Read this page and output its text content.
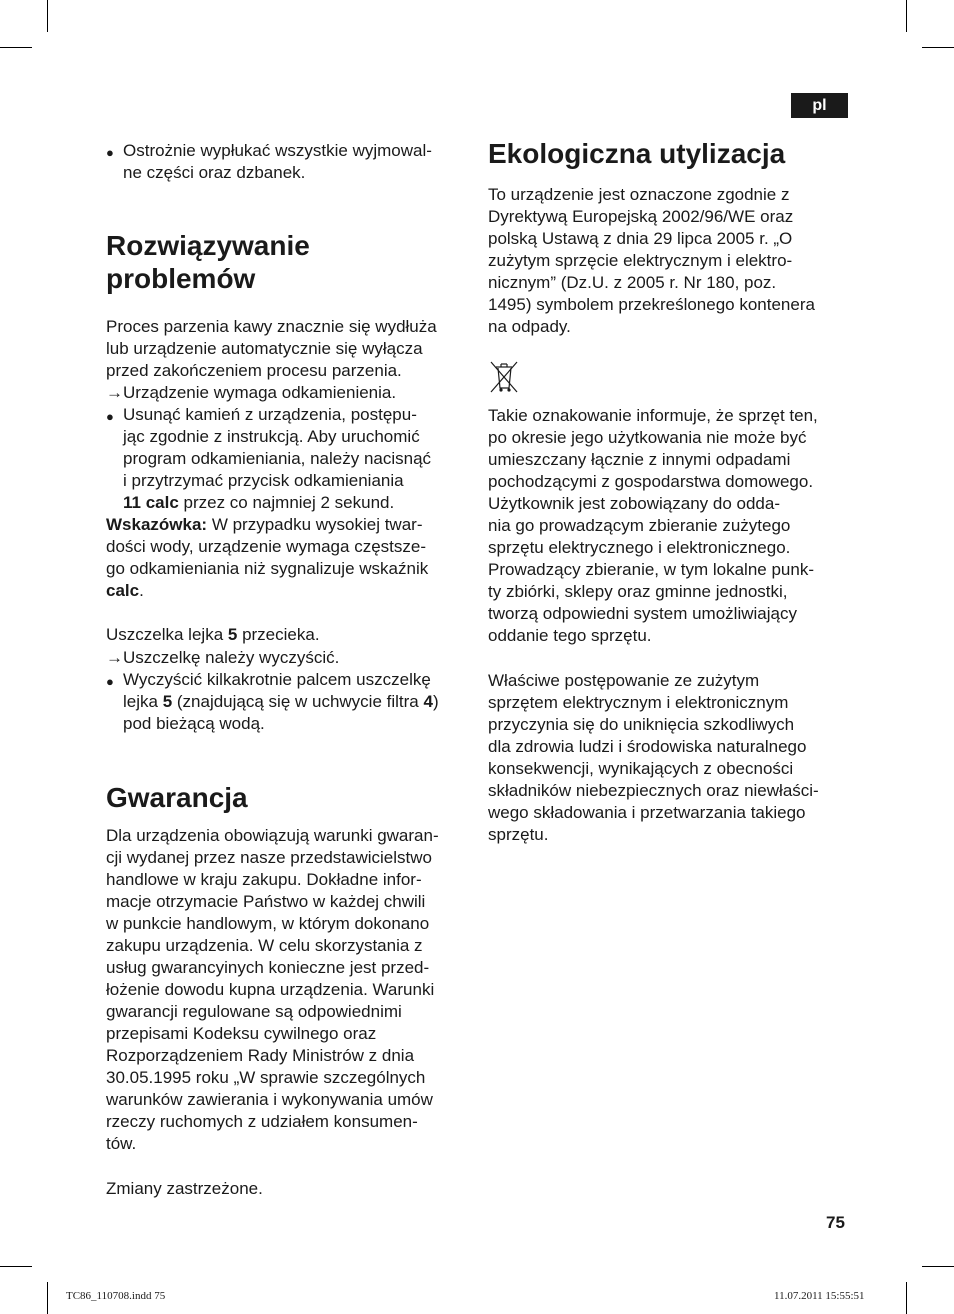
pl
● Ostrożnie wypłukać wszystkie wyjmowal-
ne części oraz dzbanek.
Rozwiązywanie
problemów
Proces parzenia kawy znacznie się wydłuża
lub urządzenie automatycznie się wyłącza
przed zakończeniem procesu parzenia.
→ Urządzenie wymaga odkamienienia.
● Usunąć kamień z urządzenia, postępu-
jąc zgodnie z instrukcją. Aby uruchomić
program odkamieniania, należy nacisnąć
i przytrzymać przycisk odkamieniania
11 calc przez co najmniej 2 sekund.
Wskazówka: W przypadku wysokiej twar-
dości wody, urządzenie wymaga częstsze-
go odkamieniania niż sygnalizuje wskaźnik
calc.
Uszczelka lejka 5 przecieka.
→ Uszczelkę należy wyczyścić.
● Wyczyścić kilkakrotnie palcem uszczelkę
lejka 5 (znajdującą się w uchwycie filtra 4)
pod bieżącą wodą.
Gwarancja
Dla urządzenia obowiązują warunki gwaran-
cji wydanej przez nasze przedstawicielstwo
handlowe w kraju zakupu. Dokładne infor-
macje otrzymacie Państwo w każdej chwili
w punkcie handlowym, w którym dokonano
zakupu urządzenia. W celu skorzystania z
usług gwarancyinych konieczne jest przed-
łożenie dowodu kupna urządzenia. Warunki
gwarancji regulowane są odpowiednimi
przepisami Kodeksu cywilnego oraz
Rozporządzeniem Rady Ministrów z dnia
30.05.1995 roku „W sprawie szczególnych
warunków zawierania i wykonywania umów
rzeczy ruchomych z udziałem konsumen-
tów.
Zmiany zastrzeżone.
Ekologiczna utylizacja
To urządzenie jest oznaczone zgodnie z
Dyrektywą Europejską 2002/96/WE oraz
polską Ustawą z dnia 29 lipca 2005 r. „O
zużytym sprzęcie elektrycznym i elektro-
nicznym” (Dz.U. z 2005 r. Nr 180, poz.
1495) symbolem przekreślonego kontenera
na odpady.
Takie oznakowanie informuje, że sprzęt ten,
po okresie jego użytkowania nie może być
umieszczany łącznie z innymi odpadami
pochodzącymi z gospodarstwa domowego.
Użytkownik jest zobowiązany do odda-
nia go prowadzącym zbieranie zużytego
sprzętu elektrycznego i elektronicznego.
Prowadzący zbieranie, w tym lokalne punk-
ty zbiórki, sklepy oraz gminne jednostki,
tworzą odpowiedni system umożliwiający
oddanie tego sprzętu.
Właściwe postępowanie ze zużytym
sprzętem elektrycznym i elektronicznym
przyczynia się do uniknięcia szkodliwych
dla zdrowia ludzi i środowiska naturalnego
konsekwencji, wynikających z obecności
składników niebezpiecznych oraz niewłaści-
wego składowania i przetwarzania takiego
sprzętu.
75
TC86_110708.indd 75	11.07.2011 15:55:51
